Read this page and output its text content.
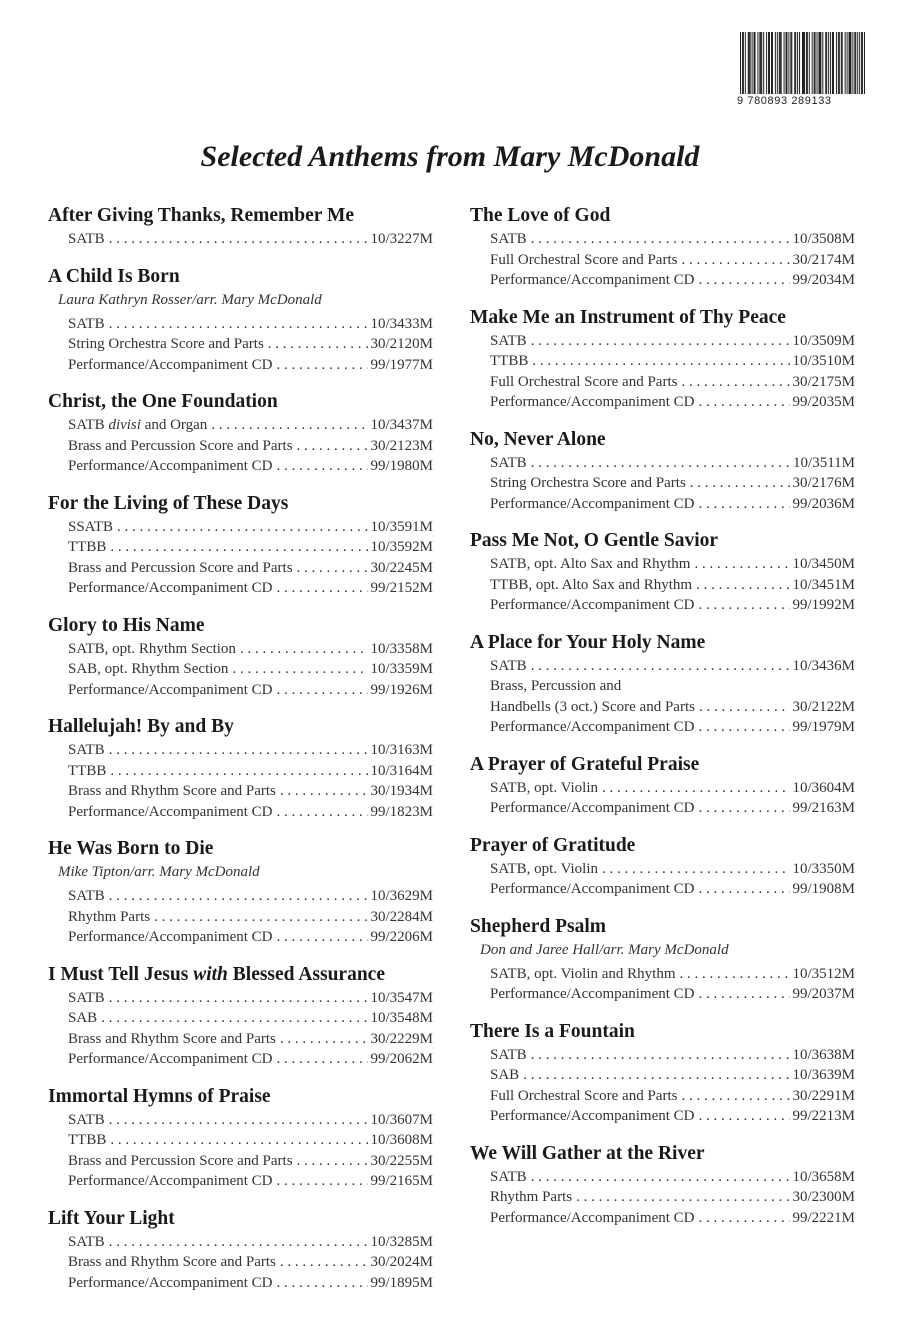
9 780893 289133
Selected Anthems from Mary McDonald
After Giving Thanks, Remember Me
SATB . . .	10/3227M
A Child Is Born
Laura Kathryn Rosser/arr. Mary McDonald
SATB . . .	10/3433M
String Orchestra Score and Parts . . .	30/2120M
Performance/Accompaniment CD . . .	99/1977M
Christ, the One Foundation
SATB divisi and Organ . . .	10/3437M
Brass and Percussion Score and Parts . . .	30/2123M
Performance/Accompaniment CD . . .	99/1980M
For the Living of These Days
SSATB . . .	10/3591M
TTBB . . .	10/3592M
Brass and Percussion Score and Parts . . .	30/2245M
Performance/Accompaniment CD . . .	99/2152M
Glory to His Name
SATB, opt. Rhythm Section . . .	10/3358M
SAB, opt. Rhythm Section . . .	10/3359M
Performance/Accompaniment CD . . .	99/1926M
Hallelujah! By and By
SATB . . .	10/3163M
TTBB . . .	10/3164M
Brass and Rhythm Score and Parts . . .	30/1934M
Performance/Accompaniment CD . . .	99/1823M
He Was Born to Die
Mike Tipton/arr. Mary McDonald
SATB . . .	10/3629M
Rhythm Parts . . .	30/2284M
Performance/Accompaniment CD . . .	99/2206M
I Must Tell Jesus with Blessed Assurance
SATB . . .	10/3547M
SAB . . .	10/3548M
Brass and Rhythm Score and Parts . . .	30/2229M
Performance/Accompaniment CD . . .	99/2062M
Immortal Hymns of Praise
SATB . . .	10/3607M
TTBB . . .	10/3608M
Brass and Percussion Score and Parts . . .	30/2255M
Performance/Accompaniment CD . . .	99/2165M
Lift Your Light
SATB . . .	10/3285M
Brass and Rhythm Score and Parts . . .	30/2024M
Performance/Accompaniment CD . . .	99/1895M
The Love of God
SATB . . .	10/3508M
Full Orchestral Score and Parts . . .	30/2174M
Performance/Accompaniment CD . . .	99/2034M
Make Me an Instrument of Thy Peace
SATB . . .	10/3509M
TTBB . . .	10/3510M
Full Orchestral Score and Parts . . .	30/2175M
Performance/Accompaniment CD . . .	99/2035M
No, Never Alone
SATB . . .	10/3511M
String Orchestra Score and Parts . . .	30/2176M
Performance/Accompaniment CD . . .	99/2036M
Pass Me Not, O Gentle Savior
SATB, opt. Alto Sax and Rhythm . . .	10/3450M
TTBB, opt. Alto Sax and Rhythm . . .	10/3451M
Performance/Accompaniment CD . . .	99/1992M
A Place for Your Holy Name
SATB . . .	10/3436M
Brass, Percussion and
Handbells (3 oct.) Score and Parts . . .	30/2122M
Performance/Accompaniment CD . . .	99/1979M
A Prayer of Grateful Praise
SATB, opt. Violin . . .	10/3604M
Performance/Accompaniment CD . . .	99/2163M
Prayer of Gratitude
SATB, opt. Violin . . .	10/3350M
Performance/Accompaniment CD . . .	99/1908M
Shepherd Psalm
Don and Jaree Hall/arr. Mary McDonald
SATB, opt. Violin and Rhythm . . .	10/3512M
Performance/Accompaniment CD . . .	99/2037M
There Is a Fountain
SATB . . .	10/3638M
SAB . . .	10/3639M
Full Orchestral Score and Parts . . .	30/2291M
Performance/Accompaniment CD . . .	99/2213M
We Will Gather at the River
SATB . . .	10/3658M
Rhythm Parts . . .	30/2300M
Performance/Accompaniment CD . . .	99/2221M
